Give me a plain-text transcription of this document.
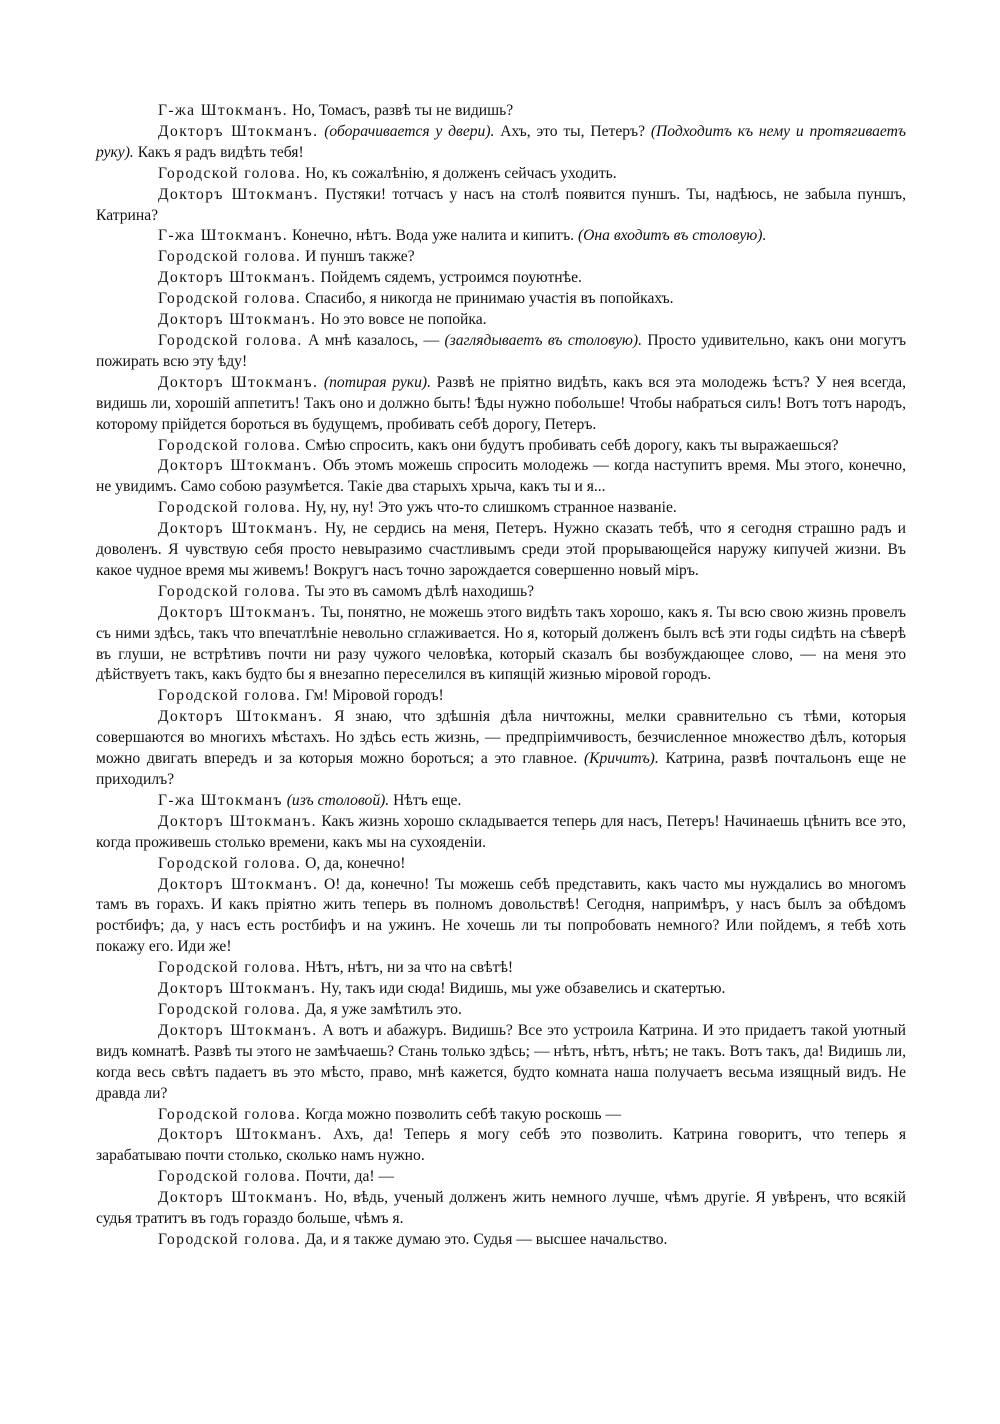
Г-жа Штокманъ. Но, Томасъ, развѣ ты не видишь?

Докторъ Штокманъ. (оборачивается у двери). Ахъ, это ты, Петеръ? (Подходитъ къ нему и протягиваетъ руку). Какъ я радъ видѣть тебя!

Городской голова. Но, къ сожалѣнію, я долженъ сейчасъ уходить.

Докторъ Штокманъ. Пустяки! тотчасъ у насъ на столѣ появится пуншъ. Ты, надѣюсь, не забыла пуншъ, Катрина?

Г-жа Штокманъ. Конечно, нѣтъ. Вода уже налита и кипитъ. (Она входитъ въ столовую).

Городской голова. И пуншъ также?

Докторъ Штокманъ. Пойдемъ сядемъ, устроимся поуютнѣе.

Городской голова. Спасибо, я никогда не принимаю участія въ попойкахъ.

Докторъ Штокманъ. Но это вовсе не попойка.

Городской голова. А мнѣ казалось, — (заглядываетъ въ столовую). Просто удивительно, какъ они могутъ пожирать всю эту ѣду!

Докторъ Штокманъ. (потирая руки). Развѣ не пріятно видѣть, какъ вся эта молодежь ѣстъ? У нея всегда, видишь ли, хорошій аппетитъ! Такъ оно и должно быть! Ѣды нужно побольше! Чтобы набраться силъ! Вотъ тотъ народъ, которому прійдется бороться въ будущемъ, пробивать себѣ дорогу, Петеръ.

Городской голова. Смѣю спросить, какъ они будутъ пробивать себѣ дорогу, какъ ты выражаешься?

Докторъ Штокманъ. Объ этомъ можешь спросить молодежь — когда наступитъ время. Мы этого, конечно, не увидимъ. Само собою разумѣется. Такіе два старыхъ хрыча, какъ ты и я...

Городской голова. Ну, ну, ну! Это ужъ что-то слишкомъ странное названіе.

Докторъ Штокманъ. Ну, не сердись на меня, Петеръ. Нужно сказать тебѣ, что я сегодня страшно радъ и доволенъ. Я чувствую себя просто невыразимо счастливымъ среди этой прорывающейся наружу кипучей жизни. Въ какое чудное время мы живемъ! Вокругъ насъ точно зарождается совершенно новый міръ.

Городской голова. Ты это въ самомъ дѣлѣ находишь?

Докторъ Штокманъ. Ты, понятно, не можешь этого видѣть такъ хорошо, какъ я. Ты всю свою жизнь провелъ съ ними здѣсь, такъ что впечатлѣніе невольно сглаживается. Но я, который долженъ былъ всѣ эти годы сидѣть на сѣверѣ въ глуши, не встрѣтивъ почти ни разу чужого человѣка, который сказалъ бы возбуждающее слово, — на меня это дѣйствуетъ такъ, какъ будто бы я внезапно переселился въ кипящій жизнью міровой городъ.

Городской голова. Гм! Міровой городъ!

Докторъ Штокманъ. Я знаю, что здѣшнія дѣла ничтожны, мелки сравнительно съ тѣми, которыя совершаются во многихъ мѣстахъ. Но здѣсь есть жизнь, — предпріимчивость, безчисленное множество дѣлъ, которыя можно двигать впередъ и за которыя можно бороться; а это главное. (Кричитъ). Катрина, развѣ почтальонъ еще не приходилъ?

Г-жа Штокманъ (изъ столовой). Нѣтъ еще.

Докторъ Штокманъ. Какъ жизнь хорошо складывается теперь для насъ, Петеръ! Начинаешь цѣнить все это, когда проживешь столько времени, какъ мы на сухояденіи.

Городской голова. О, да, конечно!

Докторъ Штокманъ. О! да, конечно! Ты можешь себѣ представить, какъ часто мы нуждались во многомъ тамъ въ горахъ. И какъ пріятно жить теперь въ полномъ довольствѣ! Сегодня, напримѣръ, у насъ былъ за обѣдомъ ростбифъ; да, у насъ есть ростбифъ и на ужинъ. Не хочешь ли ты попробовать немного? Или пойдемъ, я тебѣ хоть покажу его. Иди же!

Городской голова. Нѣтъ, нѣтъ, ни за что на свѣтѣ!

Докторъ Штокманъ. Ну, такъ иди сюда! Видишь, мы уже обзавелись и скатертью.

Городской голова. Да, я уже замѣтилъ это.

Докторъ Штокманъ. А вотъ и абажуръ. Видишь? Все это устроила Катрина. И это придаетъ такой уютный видъ комнатѣ. Развѣ ты этого не замѣчаешь? Стань только здѣсь; — нѣтъ, нѣтъ, нѣтъ; не такъ. Вотъ такъ, да! Видишь ли, когда весь свѣтъ падаетъ въ это мѣсто, право, мнѣ кажется, будто комната наша получаетъ весьма изящный видъ. Не дравда ли?

Городской голова. Когда можно позволить себѣ такую роскошь —

Докторъ Штокманъ. Ахъ, да! Теперь я могу себѣ это позволить. Катрина говоритъ, что теперь я зарабатываю почти столько, сколько намъ нужно.

Городской голова. Почти, да! —

Докторъ Штокманъ. Но, вѣдь, ученый долженъ жить немного лучше, чѣмъ другіе. Я увѣренъ, что всякій судья тратитъ въ годъ гораздо больше, чѣмъ я.

Городской голова. Да, и я также думаю это. Судья — высшее начальство.
